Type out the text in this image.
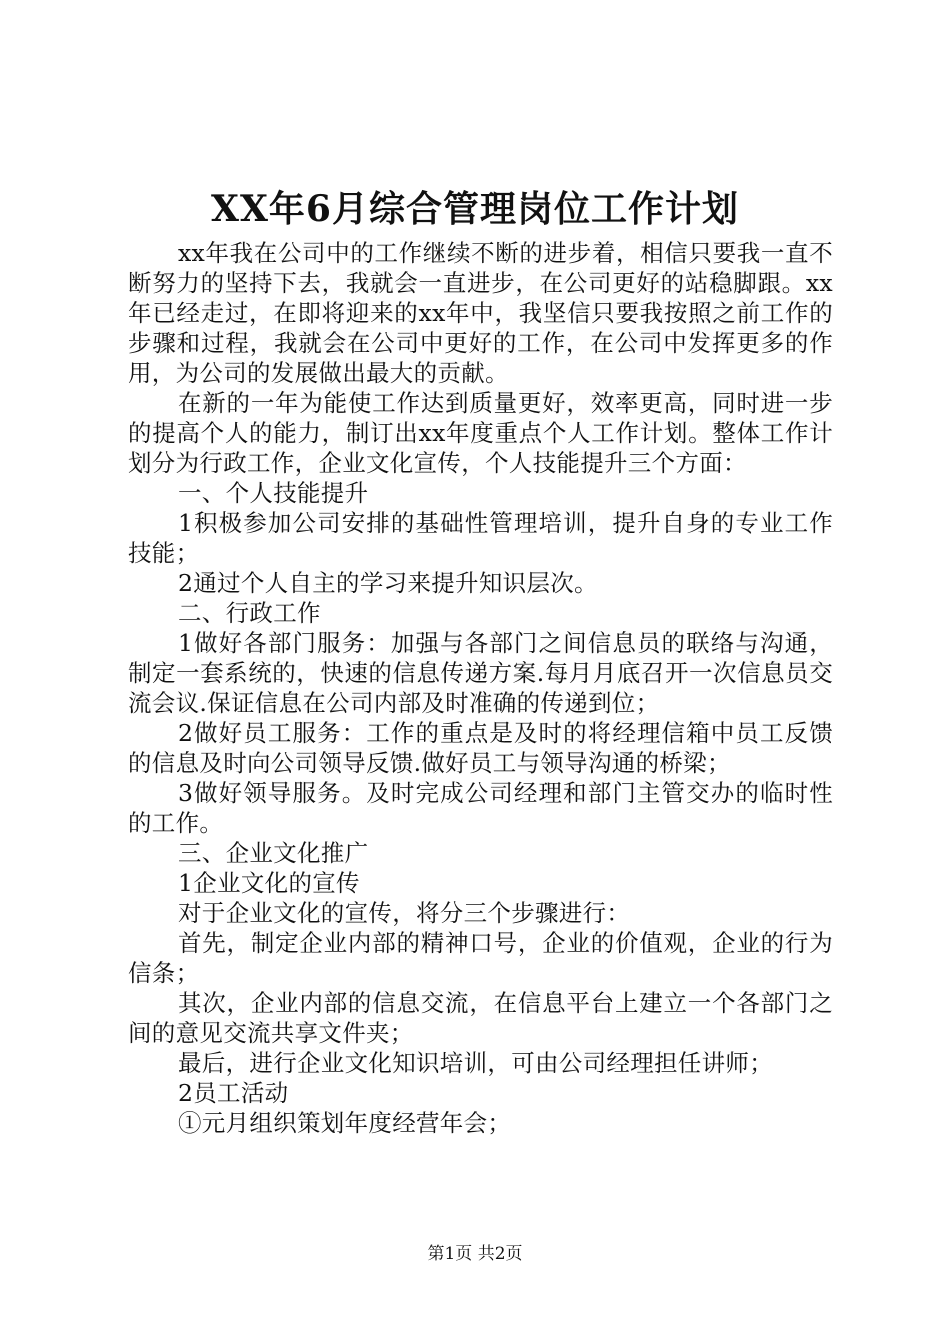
XX年6月综合管理岗位工作计划

xx年我在公司中的工作继续不断的进步着，相信只要我一直不断努力的坚持下去，我就会一直进步，在公司更好的站稳脚跟。xx年已经走过，在即将迎来的xx年中，我坚信只要我按照之前工作的步骤和过程，我就会在公司中更好的工作，在公司中发挥更多的作用，为公司的发展做出最大的贡献。

在新的一年为能使工作达到质量更好，效率更高，同时进一步的提高个人的能力，制订出xx年度重点个人工作计划。整体工作计划分为行政工作，企业文化宣传，个人技能提升三个方面：

一、个人技能提升

1积极参加公司安排的基础性管理培训，提升自身的专业工作技能；

2通过个人自主的学习来提升知识层次。

二、行政工作

1做好各部门服务：加强与各部门之间信息员的联络与沟通，制定一套系统的，快速的信息传递方案.每月月底召开一次信息员交流会议.保证信息在公司内部及时准确的传递到位；

2做好员工服务：工作的重点是及时的将经理信箱中员工反馈的信息及时向公司领导反馈.做好员工与领导沟通的桥梁；

3做好领导服务。及时完成公司经理和部门主管交办的临时性的工作。

三、企业文化推广

1企业文化的宣传

对于企业文化的宣传，将分三个步骤进行：

首先，制定企业内部的精神口号，企业的价值观，企业的行为信条；

其次，企业内部的信息交流，在信息平台上建立一个各部门之间的意见交流共享文件夹；

最后，进行企业文化知识培训，可由公司经理担任讲师；

2员工活动

①元月组织策划年度经营年会；

第1页 共2页
